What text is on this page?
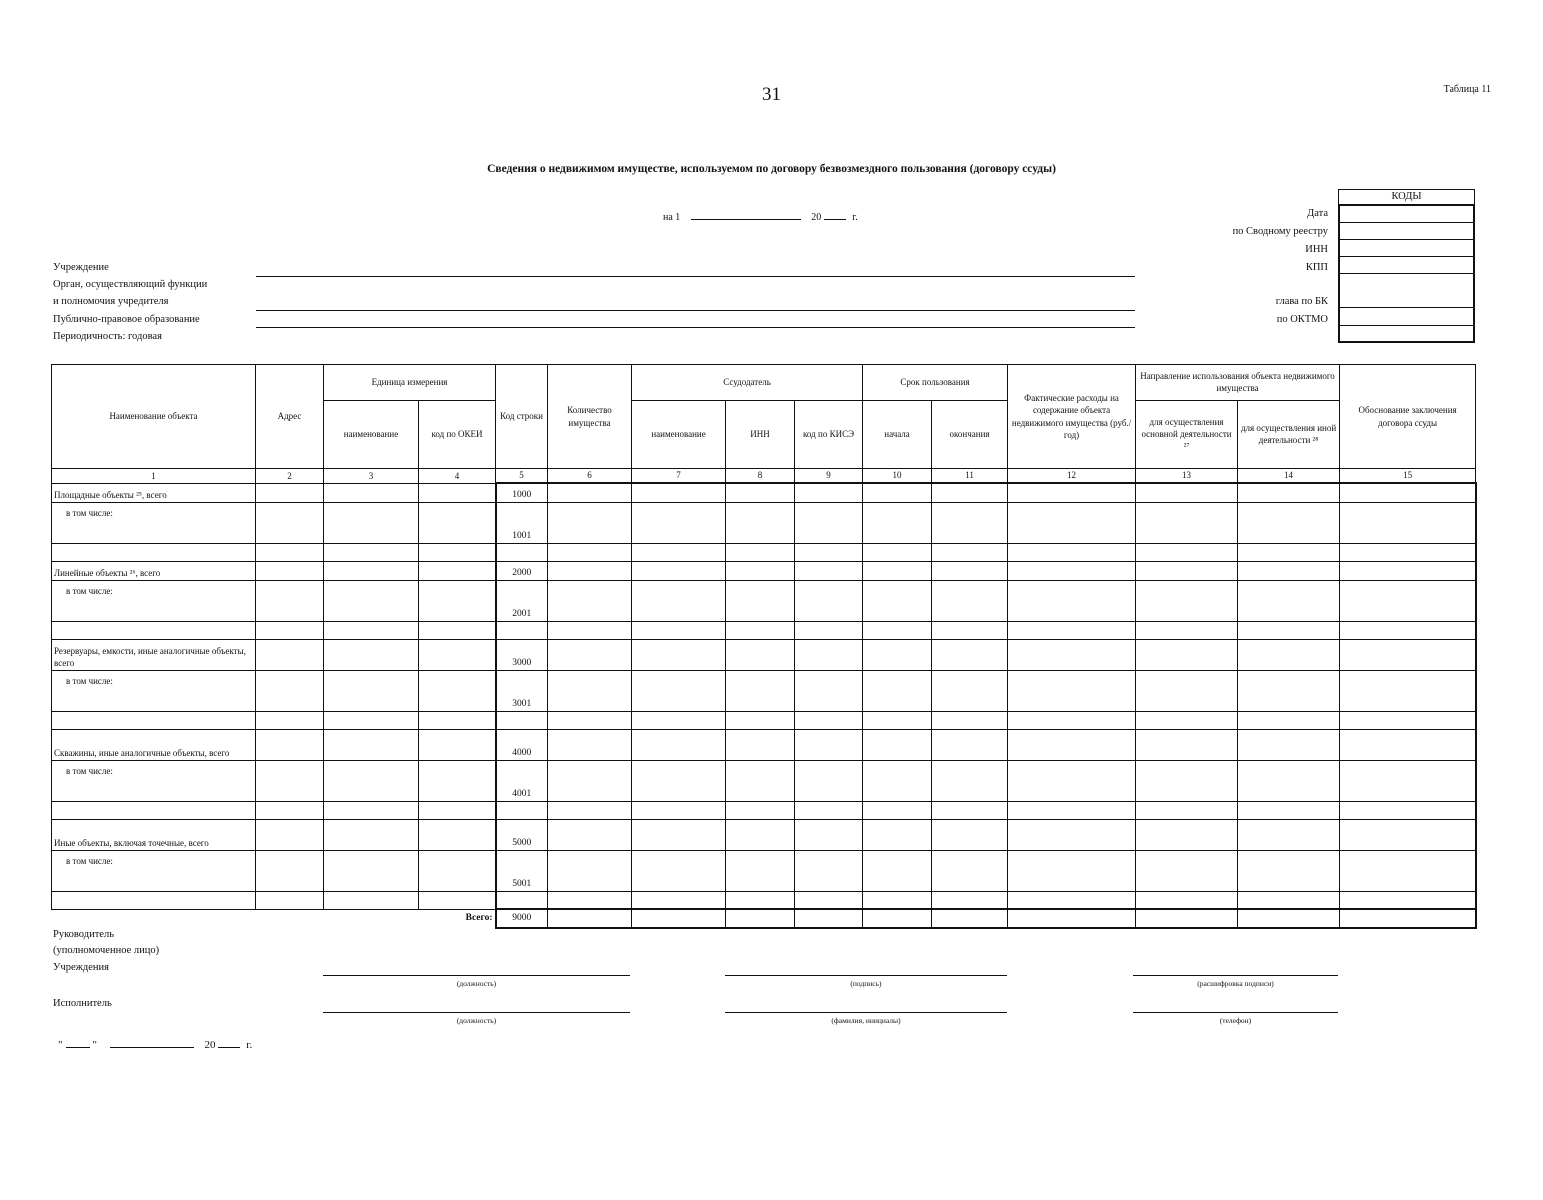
31	Таблица 11
Сведения о недвижимом имуществе, используемом по договору безвозмездного пользования (договору ссуды)
на 1	20	г.
Учреждение
Орган, осуществляющий функции
и полномочия учредителя
Публично-правовое образование
Периодичность: годовая
Дата
по Сводному реестру
ИНН
КПП
глава по БК
по ОКТМО
КОДЫ
Наименование объекта	Адрес	Единица измерения		Код строки	Количество имущества	Ссудодатель			Срок пользования		Фактические расходы на содержание объекта недвижимого имущества (руб./год)	Направление использования объекта недвижимого имущества		Обоснование заключения договора ссуды
		наименование	код по ОКЕИ			наименование	ИНН	код по КИСЭ	начала	окончания		для осуществления основной деятельности ²⁷	для осуществления иной деятельности ²⁸	
1	2	3	4	5	6	7	8	9	10	11	12	13	14	15
Площадные объекты ²⁵, всего				1000										
в том числе:				1001										

Линейные объекты ²⁶, всего				2000										
в том числе:				2001										

Резервуары, емкости, иные аналогичные объекты, всего				3000										
в том числе:				3001										

Скважины, иные аналогичные объекты, всего				4000										
в том числе:				4001										

Иные объекты, включая точечные, всего				5000										
в том числе:				5001										

Всего:				9000										
Руководитель
(уполномоченное лицо)
Учреждения
Исполнитель
(должность)	(подпись)	(расшифровка подписи)
(должность)	(фамилия, инициалы)	(телефон)
"	"	20	г.
